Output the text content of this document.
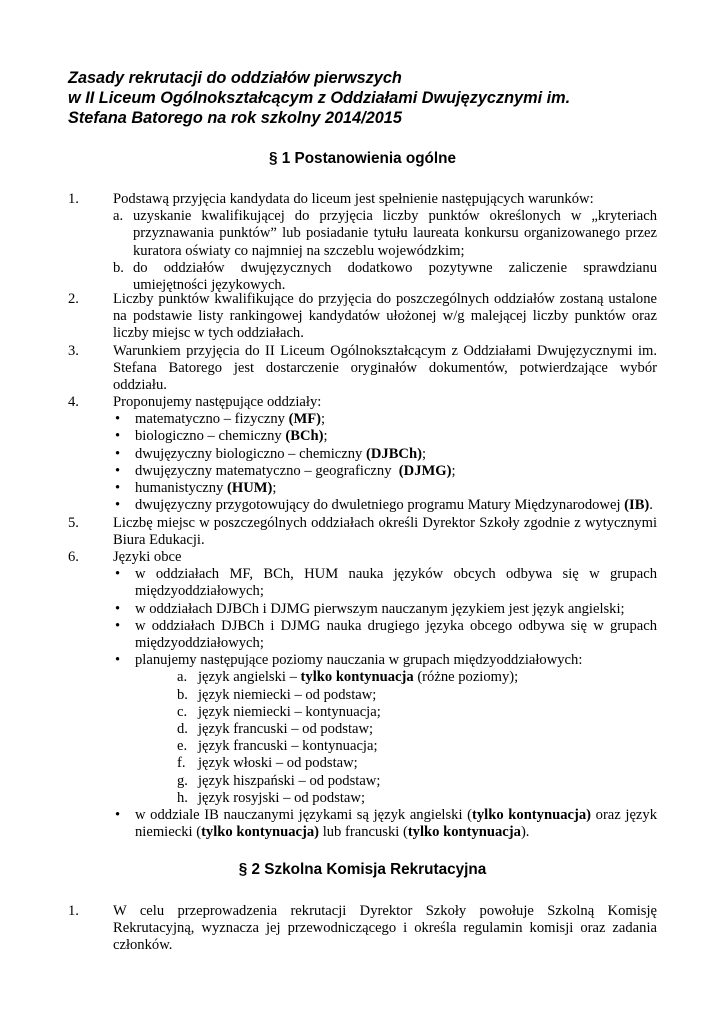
Zasady rekrutacji do oddziałów pierwszych
w II Liceum Ogólnokształcącym z Oddziałami Dwujęzycznymi im.
Stefana Batorego na rok szkolny 2014/2015
§ 1 Postanowienia ogólne
1. Podstawą przyjęcia kandydata do liceum jest spełnienie następujących warunków:
a. uzyskanie kwalifikującej do przyjęcia liczby punktów określonych w „kryteriach przyznawania punktów” lub posiadanie tytułu laureata konkursu organizowanego przez kuratora oświaty co najmniej na szczeblu wojewódzkim;
b. do oddziałów dwujęzycznych dodatkowo pozytywne zaliczenie sprawdzianu umiejętności językowych.
2. Liczby punktów kwalifikujące do przyjęcia do poszczególnych oddziałów zostaną ustalone na podstawie listy rankingowej kandydatów ułożonej w/g malejącej liczby punktów oraz liczby miejsc w tych oddziałach.
3. Warunkiem przyjęcia do II Liceum Ogólnokształcącym z Oddziałami Dwujęzycznymi im. Stefana Batorego jest dostarczenie oryginałów dokumentów, potwierdzające wybór oddziału.
4. Proponujemy następujące oddziały:
• matematyczno – fizyczny (MF);
• biologiczno – chemiczny (BCh);
• dwujęzyczny biologiczno – chemiczny (DJBCh);
• dwujęzyczny matematyczno – geograficzny  (DJMG);
• humanistyczny (HUM);
• dwujęzyczny przygotowujący do dwuletniego programu Matury Międzynarodowej (IB).
5. Liczbę miejsc w poszczególnych oddziałach określi Dyrektor Szkoły zgodnie z wytycznymi Biura Edukacji.
6. Języki obce
• w oddziałach MF, BCh, HUM nauka języków obcych odbywa się w grupach międzyoddziałowych;
• w oddziałach DJBCh i DJMG pierwszym nauczanym językiem jest język angielski;
• w oddziałach DJBCh i DJMG nauka drugiego języka obcego odbywa się w grupach międzyoddziałowych;
• planujemy następujące poziomy nauczania w grupach międzyoddziałowych:
a. język angielski – tylko kontynuacja (różne poziomy);
b. język niemiecki – od podstaw;
c. język niemiecki – kontynuacja;
d. język francuski – od podstaw;
e. język francuski – kontynuacja;
f. język włoski – od podstaw;
g. język hiszpański – od podstaw;
h. język rosyjski – od podstaw;
• w oddziale IB nauczanymi językami są język angielski (tylko kontynuacja) oraz język niemiecki (tylko kontynuacja) lub francuski (tylko kontynuacja).
§ 2 Szkolna Komisja Rekrutacyjna
1. W celu przeprowadzenia rekrutacji Dyrektor Szkoły powołuje Szkolną Komisję Rekrutacyjną, wyznacza jej przewodniczącego i określa regulamin komisji oraz zadania członków.
